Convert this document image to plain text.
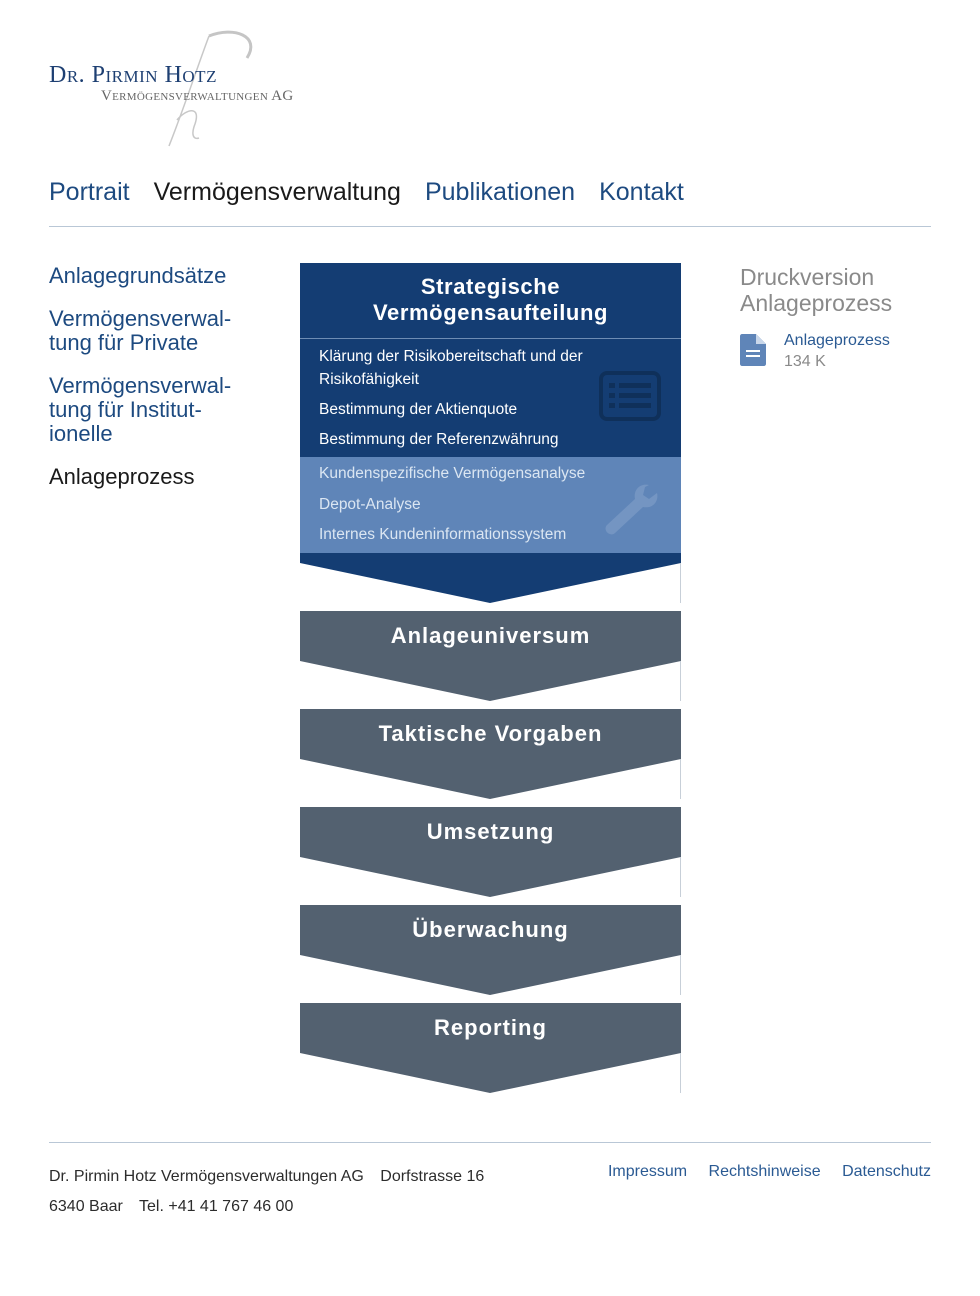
Dr. Pirmin Hotz
Vermögensverwaltungen AG
Portrait Vermögensverwaltung Publikationen Kontakt
Anlagegrundsätze
Vermögensverwal-
tung für Private
Vermögensverwal-
tung für Institut-
ionelle
Anlageprozess
Strategische
Vermögensaufteilung
Klärung der Risikobereitschaft und der Risikofähigkeit
Bestimmung der Aktienquote
Bestimmung der Referenzwährung
Kundenspezifische Vermögensanalyse
Depot-Analyse
Internes Kundeninformationssystem
Anlageuniversum
Taktische Vorgaben
Umsetzung
Überwachung
Reporting
Druckversion Anlageprozess
Anlageprozess
134 K
Dr. Pirmin Hotz Vermögensverwaltungen AG Dorfstrasse 16
6340 Baar Tel. +41 41 767 46 00
Impressum Rechtshinweise Datenschutz
